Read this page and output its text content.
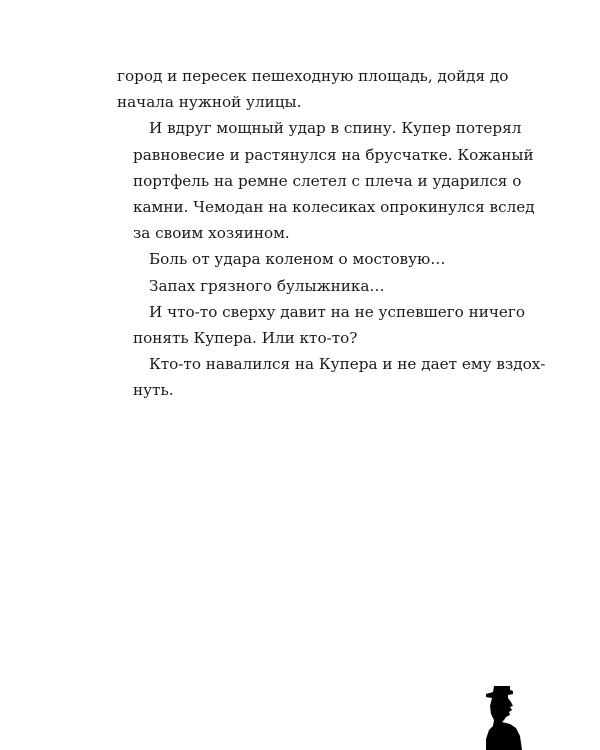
город и пересек пешеходную площадь, дойдя до
начала нужной улицы.
И вдруг мощный удар в спину. Купер потерял
равновесие и растянулся на брусчатке. Кожаный
портфель на ремне слетел с плеча и ударился о
камни. Чемодан на колесиках опрокинулся вслед
за своим хозяином.
Боль от удара коленом о мостовую…
Запах грязного булыжника…
И что-то сверху давит на не успевшего ничего
понять Купера. Или кто-то?
Кто-то навалился на Купера и не дает ему вздох-
нуть.
